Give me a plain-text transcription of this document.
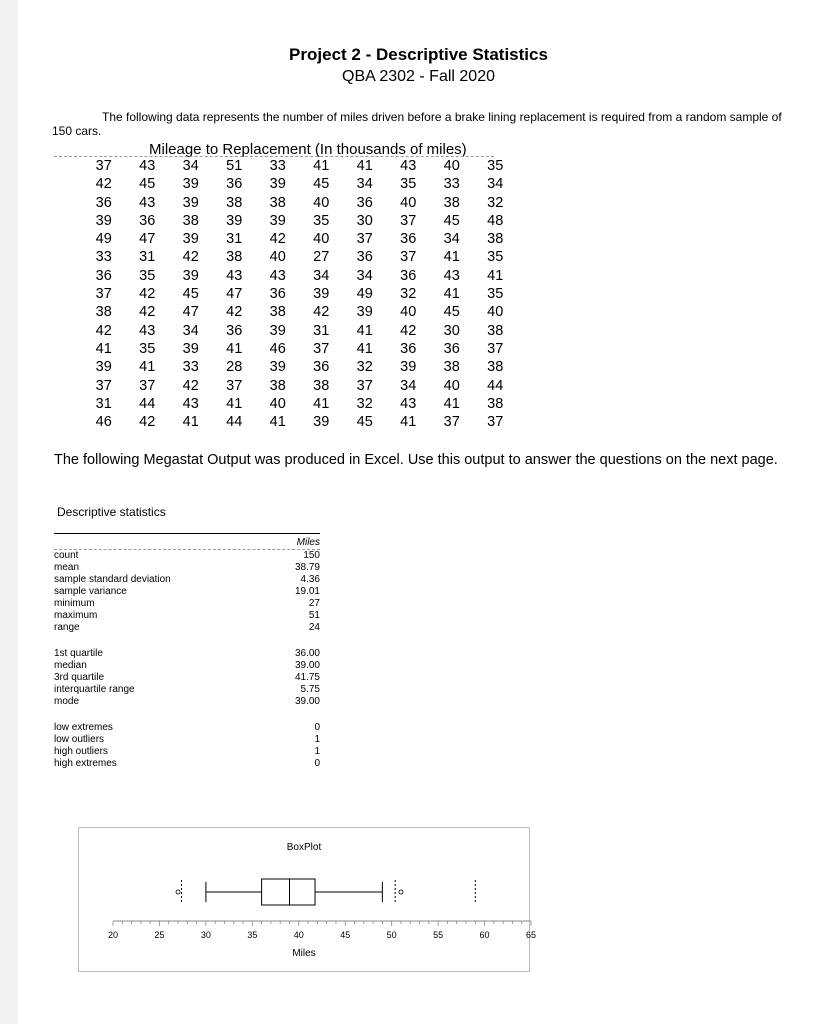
Project 2 - Descriptive Statistics
QBA 2302 - Fall 2020
The following data represents the number of miles driven before a brake lining replacement is required from a random sample of 150 cars.
Mileage to Replacement (In thousands of miles)
37	43	34	51	33	41	41	43	40	35
42	45	39	36	39	45	34	35	33	34
36	43	39	38	38	40	36	40	38	32
39	36	38	39	39	35	30	37	45	48
49	47	39	31	42	40	37	36	34	38
33	31	42	38	40	27	36	37	41	35
36	35	39	43	43	34	34	36	43	41
37	42	45	47	36	39	49	32	41	35
38	42	47	42	38	42	39	40	45	40
42	43	34	36	39	31	41	42	30	38
41	35	39	41	46	37	41	36	36	37
39	41	33	28	39	36	32	39	38	38
37	37	42	37	38	38	37	34	40	44
31	44	43	41	40	41	32	43	41	38
46	42	41	44	41	39	45	41	37	37
The following Megastat Output was produced in Excel. Use this output to answer the questions on the next page.
Descriptive statistics
Miles
count	150
mean	38.79
sample standard deviation	4.36
sample variance	19.01
minimum	27
maximum	51
range	24
1st quartile	36.00
median	39.00
3rd quartile	41.75
interquartile range	5.75
mode	39.00
low extremes	0
low outliers	1
high outliers	1
high extremes	0
BoxPlot
20	25	30	35	40	45	50	55	60	65
Miles
